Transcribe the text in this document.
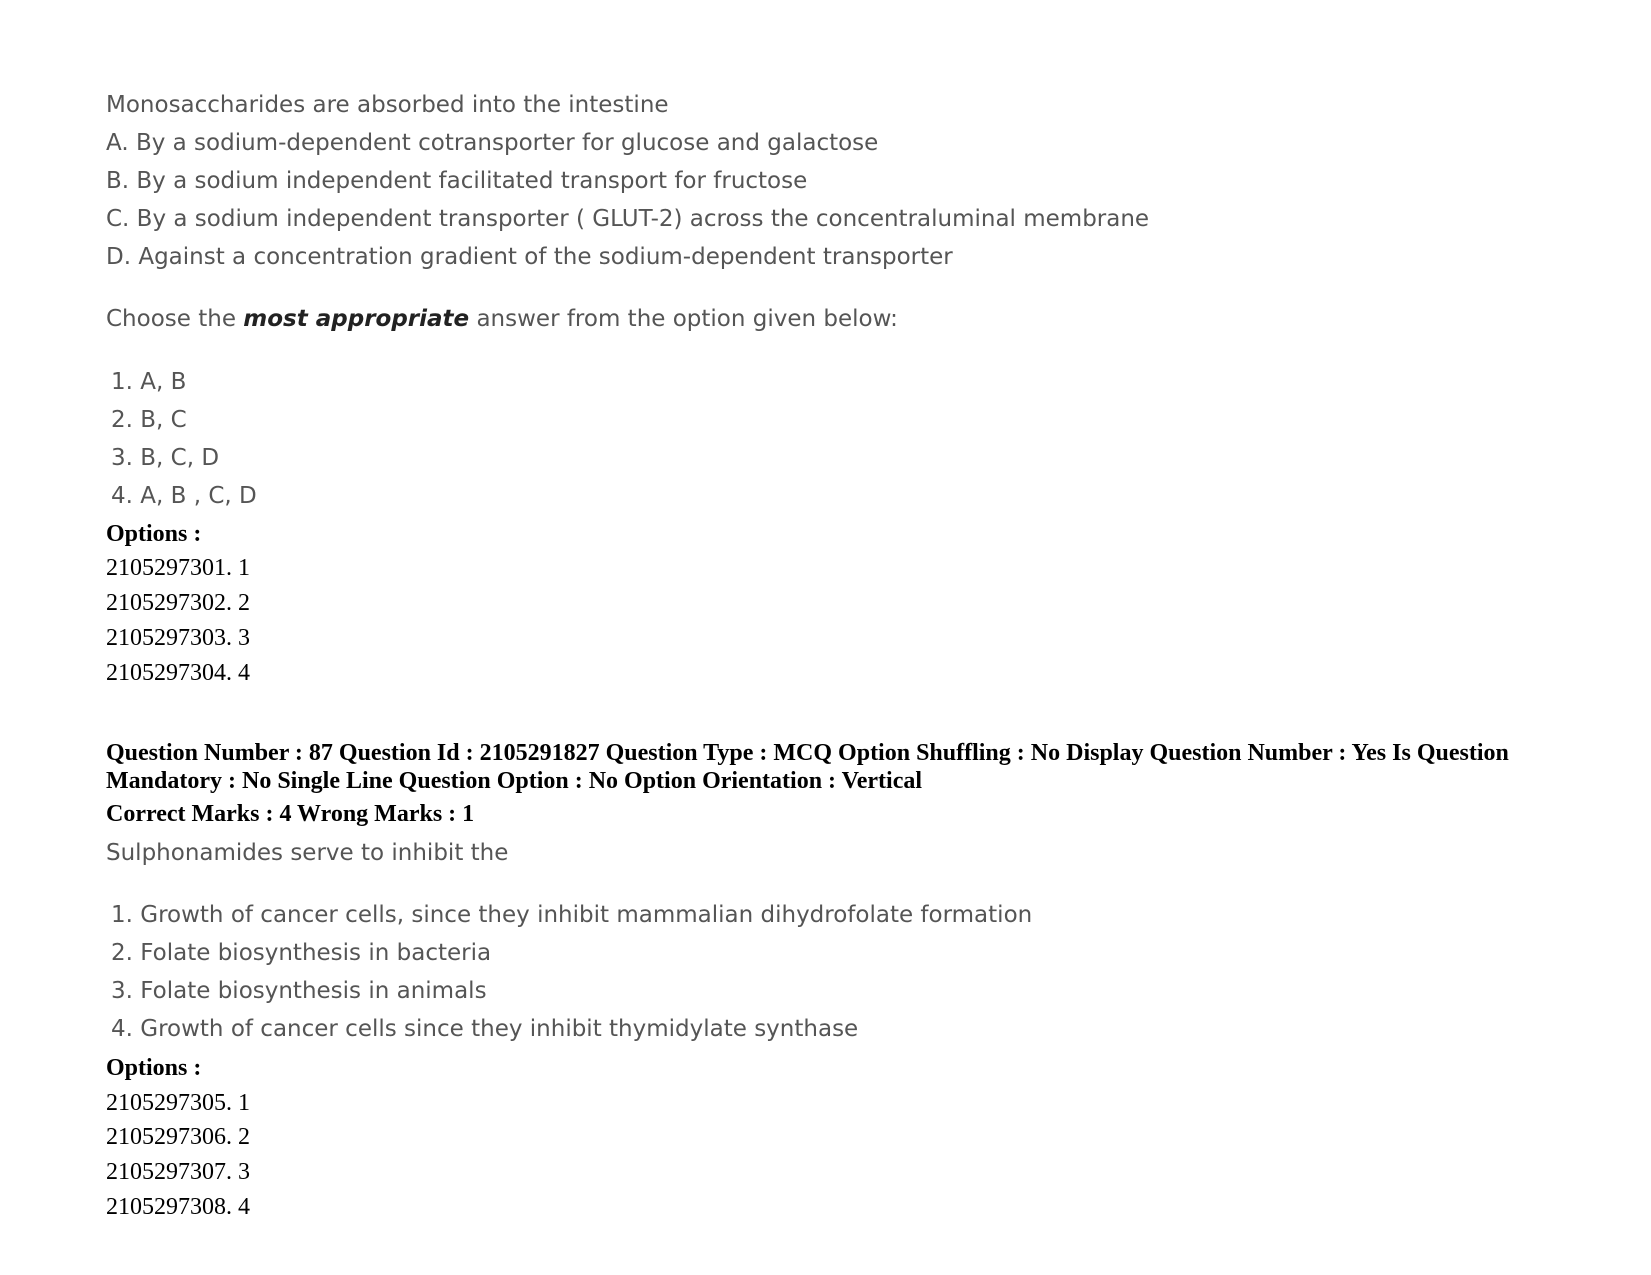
Monosaccharides are absorbed into the intestine
A. By a sodium-dependent cotransporter for glucose and galactose
B. By a sodium independent facilitated transport for fructose
C. By a sodium independent transporter ( GLUT-2) across the concentraluminal membrane
D. Against a concentration gradient of the sodium-dependent transporter
Choose the most appropriate answer from the option given below:
1. A, B
2. B, C
3. B, C, D
4. A, B , C, D
Options :
2105297301. 1
2105297302. 2
2105297303. 3
2105297304. 4
Question Number : 87 Question Id : 2105291827 Question Type : MCQ Option Shuffling : No Display Question Number : Yes Is Question Mandatory : No Single Line Question Option : No Option Orientation : Vertical
Correct Marks : 4 Wrong Marks : 1
Sulphonamides serve to inhibit the
1. Growth of cancer cells, since they inhibit mammalian dihydrofolate formation
2. Folate biosynthesis in bacteria
3. Folate biosynthesis in animals
4. Growth of cancer cells since they inhibit thymidylate synthase
Options :
2105297305. 1
2105297306. 2
2105297307. 3
2105297308. 4
